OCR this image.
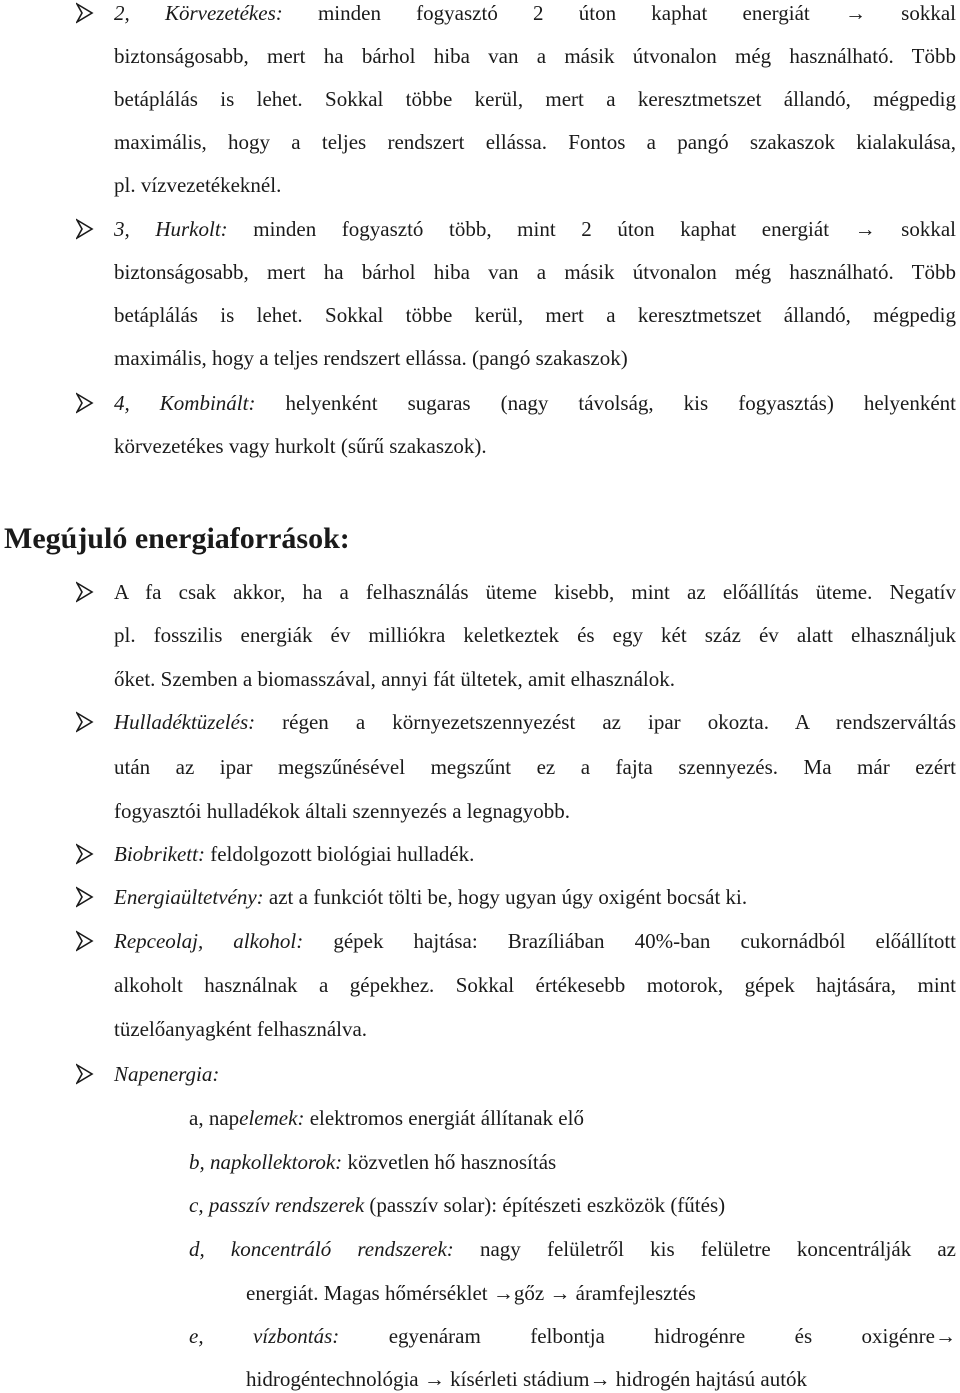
2, Körvezetékes: minden fogyasztó 2 úton kaphat energiát → sokkal
biztonságosabb, mert ha bárhol hiba van a másik útvonalon még használható. Több
betáplálás is lehet. Sokkal többe kerül, mert a keresztmetszet állandó, mégpedig
maximális, hogy a teljes rendszert ellássa. Fontos a pangó szakaszok kialakulása,
pl. vízvezetékeknél.
3, Hurkolt: minden fogyasztó több, mint 2 úton kaphat energiát → sokkal
biztonságosabb, mert ha bárhol hiba van a másik útvonalon még használható. Több
betáplálás is lehet. Sokkal többe kerül, mert a keresztmetszet állandó, mégpedig
maximális, hogy a teljes rendszert ellássa. (pangó szakaszok)
4, Kombinált: helyenként sugaras (nagy távolság, kis fogyasztás) helyenként
körvezetékes vagy hurkolt (sűrű szakaszok).
Megújuló energiaforrások:
A fa csak akkor, ha a felhasználás üteme kisebb, mint az előállítás üteme. Negatív
pl. fosszilis energiák év milliókra keletkeztek és egy két száz év alatt elhasználjuk
őket. Szemben a biomasszával, annyi fát ültetek, amit elhasználok.
Hulladéktüzelés: régen a környezetszennyezést az ipar okozta. A rendszerváltás
után az ipar megszűnésével megszűnt ez a fajta szennyezés. Ma már ezért
fogyasztói hulladékok általi szennyezés a legnagyobb.
Biobrikett: feldolgozott biológiai hulladék.
Energiaültetvény: azt a funkciót tölti be, hogy ugyan úgy oxigént bocsát ki.
Repceolaj, alkohol: gépek hajtása: Brazíliában 40%-ban cukornádból előállított
alkoholt használnak a gépekhez. Sokkal értékesebb motorok, gépek hajtására, mint
tüzelőanyagként felhasználva.
Napenergia:
a, napelemek: elektromos energiát állítanak elő
b, napkollektorok: közvetlen hő hasznosítás
c, passzív rendszerek (passzív solar): építészeti eszközök (fűtés)
d, koncentráló rendszerek: nagy felületről kis felületre koncentrálják az
energiát. Magas hőmérséklet →gőz → áramfejlesztés
e, vízbontás: egyenáram felbontja hidrogénre és oxigénre→
hidrogéntechnológia → kísérleti stádium→ hidrogén hajtású autók
